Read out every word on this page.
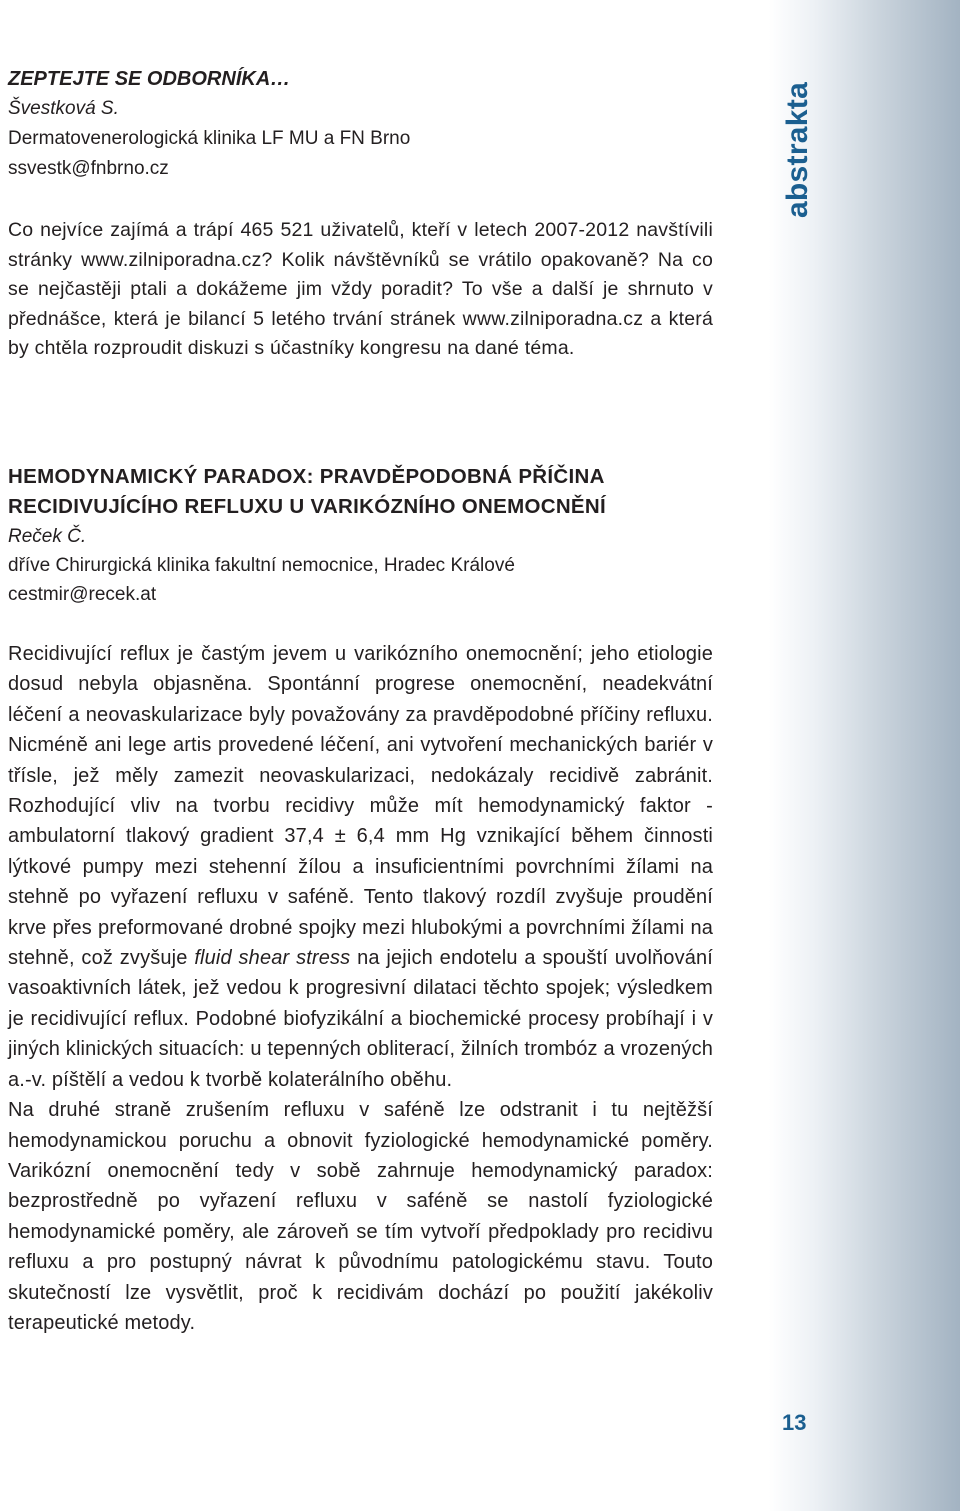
abstrakta
13

ZEPTEJTE SE ODBORNÍKA…

Švestková S.

Dermatovenerologická klinika LF MU a FN Brno

ssvestk@fnbrno.cz

Co nejvíce zajímá a trápí 465 521 uživatelů, kteří v letech 2007-2012 navštívili stránky www.zilniporadna.cz? Kolik návštěvníků se vrátilo opakovaně? Na co se nejčastěji ptali a dokážeme jim vždy poradit? To vše a další je shrnuto v přednášce, která je bilancí 5 letého trvání stránek www.zilniporadna.cz a která by chtěla rozproudit diskuzi s účastníky kongresu na dané téma.

HEMODYNAMICKÝ PARADOX: PRAVDĚPODOBNÁ PŘÍČINA

RECIDIVUJÍCÍHO REFLUXU U VARIKÓZNÍHO ONEMOCNĚNÍ

Reček Č.

dříve Chirurgická klinika fakultní nemocnice, Hradec Králové

cestmir@recek.at

Recidivující reflux je častým jevem u varikózního onemocnění; jeho etiologie dosud nebyla objasněna. Spontánní progrese onemocnění, neadekvátní léčení a neovaskularizace byly považovány za pravděpodobné příčiny refluxu. Nicméně ani lege artis provedené léčení, ani vytvoření mechanických bariér v třísle, jež měly zamezit neovaskularizaci, nedokázaly recidivě zabránit. Rozhodující vliv na tvorbu recidivy může mít hemodynamický faktor - ambulatorní tlakový gradient 37,4 ± 6,4 mm Hg vznikající během činnosti lýtkové pumpy mezi stehenní žílou a insuficientními povrchními žílami na stehně po vyřazení refluxu v saféně. Tento tlakový rozdíl zvyšuje proudění krve přes preformované drobné spojky mezi hlubokými a povrchními žílami na stehně, což zvyšuje fluid shear stress na jejich endotelu a spouští uvolňování vasoaktivních látek, jež vedou k progresivní dilataci těchto spojek; výsledkem je recidivující reflux. Podobné biofyzikální a biochemické procesy probíhají i v jiných klinických situacích: u tepenných obliterací, žilních trombóz a vrozených a.-v. píštělí a vedou k tvorbě kolaterálního oběhu.

Na druhé straně zrušením refluxu v saféně lze odstranit i tu nejtěžší hemodynamickou poruchu a obnovit fyziologické hemodynamické poměry. Varikózní onemocnění tedy v sobě zahrnuje hemodynamický paradox: bezprostředně po vyřazení refluxu v saféně se nastolí fyziologické hemodynamické poměry, ale zároveň se tím vytvoří předpoklady pro recidivu refluxu a pro postupný návrat k původnímu patologickému stavu. Touto skutečností lze vysvětlit, proč k recidivám dochází po použití jakékoliv terapeutické metody.
